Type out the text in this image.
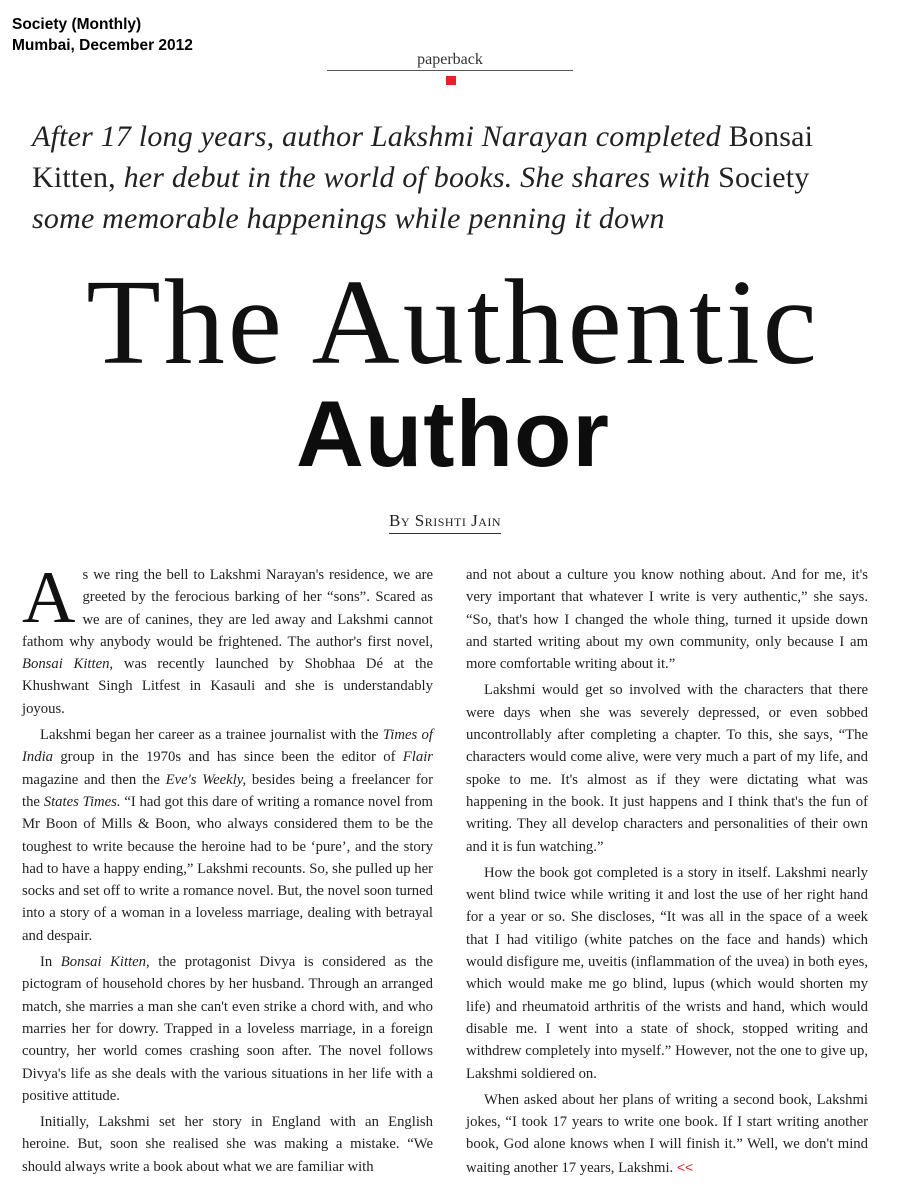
Society (Monthly)
Mumbai, December 2012
paperback
After 17 long years, author Lakshmi Narayan completed Bonsai
Kitten, her debut in the world of books. She shares with Society
some memorable happenings while penning it down
The Authentic
Author
By Srishti Jain

As we ring the bell to Lakshmi Narayan's residence, we are greeted by the ferocious barking of her “sons”. Scared as we are of canines, they are led away and Lakshmi cannot fathom why anybody would be frightened. The author's first novel, Bonsai Kitten, was recently launched by Shobhaa Dé at the Khushwant Singh Litfest in Kasauli and she is understandably joyous.

Lakshmi began her career as a trainee journalist with the Times of India group in the 1970s and has since been the editor of Flair magazine and then the Eve's Weekly, besides being a freelancer for the States Times. “I had got this dare of writing a romance novel from Mr Boon of Mills & Boon, who always considered them to be the toughest to write because the heroine had to be ‘pure’, and the story had to have a happy ending,” Lakshmi recounts. So, she pulled up her socks and set off to write a romance novel. But, the novel soon turned into a story of a woman in a loveless marriage, dealing with betrayal and despair.

In Bonsai Kitten, the protagonist Divya is considered as the pictogram of household chores by her husband. Through an arranged match, she marries a man she can't even strike a chord with, and who marries her for dowry. Trapped in a loveless marriage, in a foreign country, her world comes crashing soon after. The novel follows Divya's life as she deals with the various situations in her life with a positive attitude.

Initially, Lakshmi set her story in England with an English heroine. But, soon she realised she was making a mistake. “We should always write a book about what we are familiar with

and not about a culture you know nothing about. And for me, it's very important that whatever I write is very authentic,” she says. “So, that's how I changed the whole thing, turned it upside down and started writing about my own community, only because I am more comfortable writing about it.”

Lakshmi would get so involved with the characters that there were days when she was severely depressed, or even sobbed uncontrollably after completing a chapter. To this, she says, “The characters would come alive, were very much a part of my life, and spoke to me. It's almost as if they were dictating what was happening in the book. It just happens and I think that's the fun of writing. They all develop characters and personalities of their own and it is fun watching.”

How the book got completed is a story in itself. Lakshmi nearly went blind twice while writing it and lost the use of her right hand for a year or so. She discloses, “It was all in the space of a week that I had vitiligo (white patches on the face and hands) which would disfigure me, uveitis (inflammation of the uvea) in both eyes, which would make me go blind, lupus (which would shorten my life) and rheumatoid arthritis of the wrists and hand, which would disable me. I went into a state of shock, stopped writing and withdrew completely into myself.” However, not the one to give up, Lakshmi soldiered on.

When asked about her plans of writing a second book, Lakshmi jokes, “I took 17 years to write one book. If I start writing another book, God alone knows when I will finish it.” Well, we don't mind waiting another 17 years, Lakshmi. <<
